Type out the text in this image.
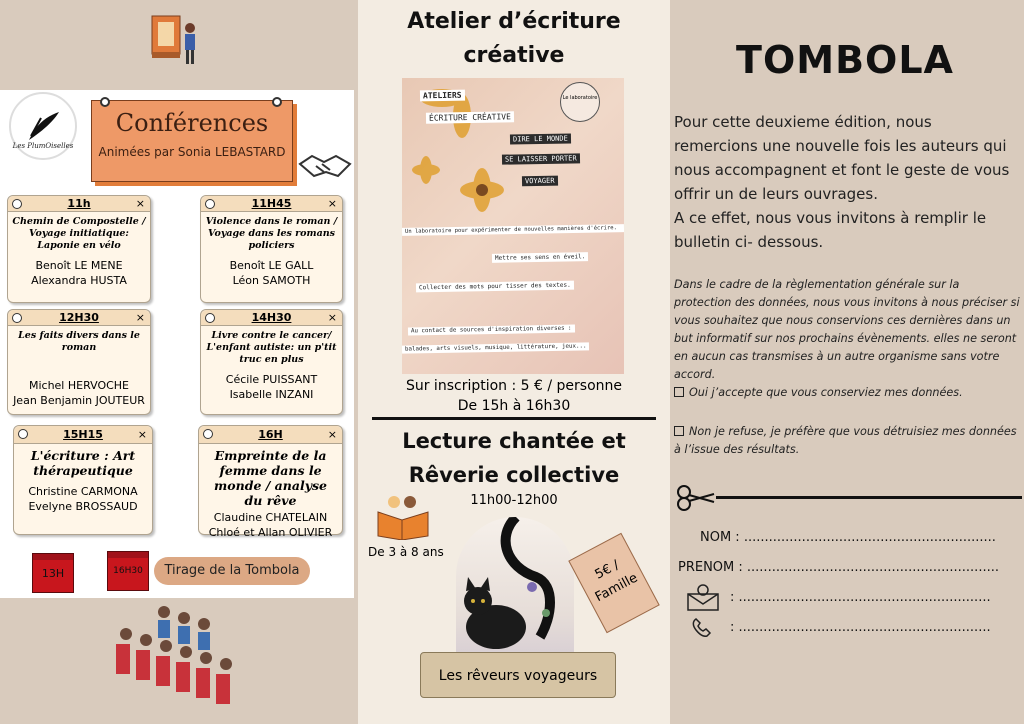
Les PlumOiselles
Conférences
Animées par Sonia LEBASTARD
11h	×
Chemin de Compostelle / Voyage initiatique: Laponie en vélo
Benoît LE MENE
Alexandra HUSTA
11H45	×
Violence dans le roman / Voyage dans les romans policiers
Benoît LE GALL
Léon SAMOTH
12H30	×
Les faits divers dans le roman
Michel HERVOCHE
Jean Benjamin JOUTEUR
14H30	×
Livre contre le cancer/ L'enfant autiste: un p'tit truc en plus
Cécile PUISSANT
Isabelle INZANI
15H15	×
L'écriture : Art thérapeutique
Christine CARMONA
Evelyne BROSSAUD
16H	×
Empreinte de la femme dans le monde / analyse du rêve
Claudine CHATELAIN
Chloé et Allan OLIVIER
13H	16H30	Tirage de la Tombola
Atelier d’écriture
créative
ATELIERS
ÉCRITURE CRÉATIVE
Le laboratoire
DIRE LE MONDE
SE LAISSER PORTER
VOYAGER
Un laboratoire pour expérimenter de nouvelles manières d'écrire.
Mettre ses sens en éveil.
Collecter des mots pour tisser des textes.
Au contact de sources d'inspiration diverses :
balades, arts visuels, musique, littérature, jeux...
Sur inscription : 5 € / personne
De 15h à 16h30
Lecture chantée et
Rêverie collective
11h00-12h00
De 3 à 8 ans
5€ / Famille
Les rêveurs voyageurs
TOMBOLA
Pour cette deuxieme édition, nous remercions une nouvelle fois les auteurs qui nous accompagnent et font le geste de vous offrir un de leurs ouvrages.
A ce effet, nous vous invitons à remplir le bulletin ci- dessous.
Dans le cadre de la règlementation générale sur la protection des données, nous vous invitons à nous préciser si vous souhaitez que nous conservions ces dernières dans un but informatif sur nos prochains évènements. elles ne seront en aucun cas transmises à un autre organisme sans votre accord.
Oui j’accepte que vous conserviez mes données.
Non je refuse, je préfère que vous détruisiez mes données à l’issue des résultats.
NOM : .............................................................
PRENOM : .............................................................
: .............................................................
: .............................................................
